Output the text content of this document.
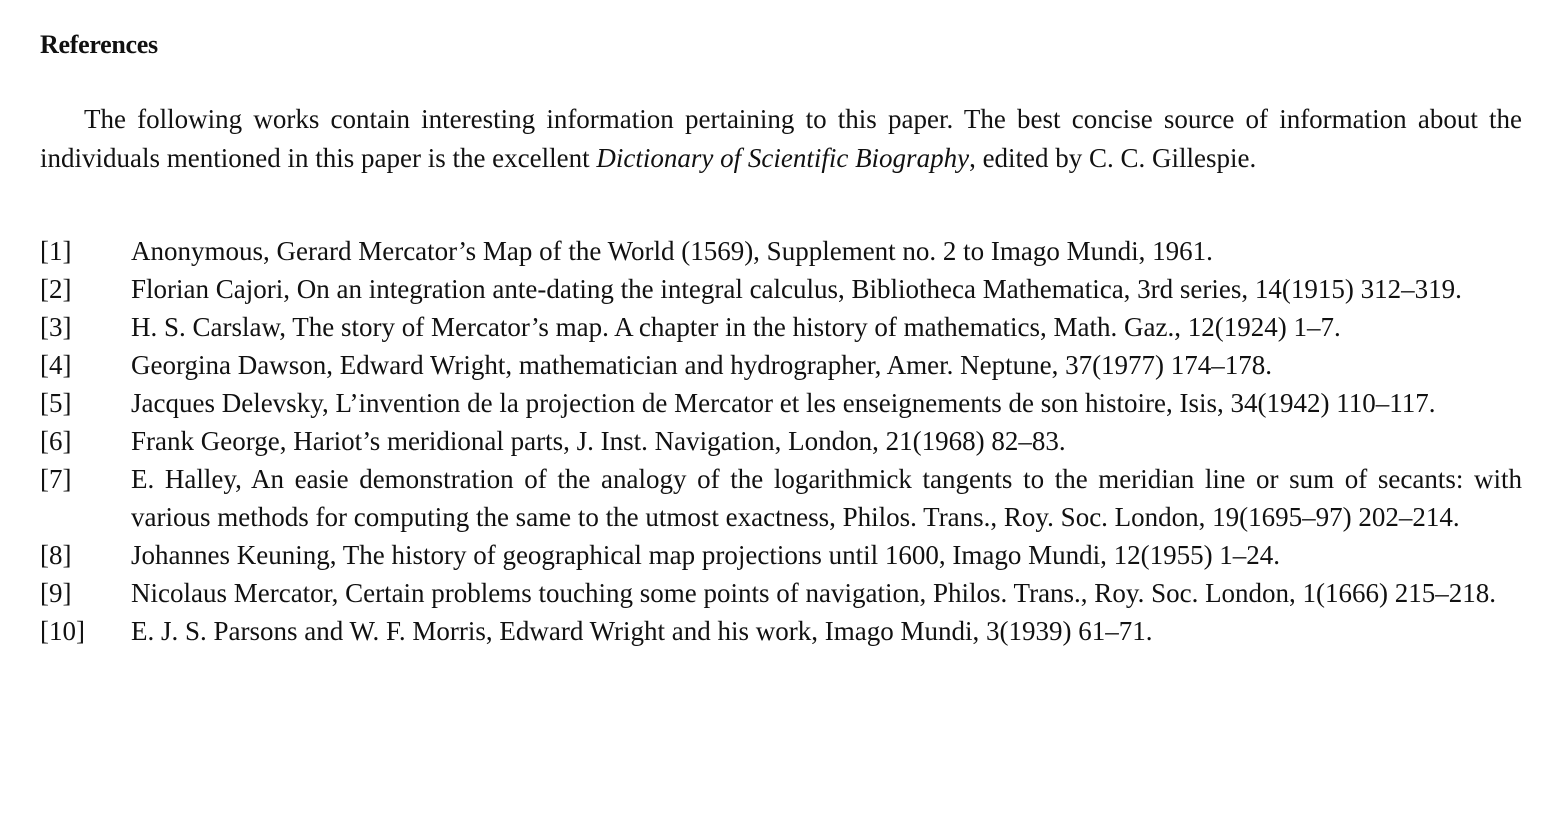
References

The following works contain interesting information pertaining to this paper. The best concise source of information about the individuals mentioned in this paper is the excellent Dictionary of Scientific Biography, edited by C. C. Gillespie.

[1]	Anonymous, Gerard Mercator’s Map of the World (1569), Supplement no. 2 to Imago Mundi, 1961.
[2]	Florian Cajori, On an integration ante-dating the integral calculus, Bibliotheca Mathematica, 3rd series, 14(1915) 312–319.
[3]	H. S. Carslaw, The story of Mercator’s map. A chapter in the history of mathematics, Math. Gaz., 12(1924) 1–7.
[4]	Georgina Dawson, Edward Wright, mathematician and hydrographer, Amer. Neptune, 37(1977) 174–178.
[5]	Jacques Delevsky, L’invention de la projection de Mercator et les enseignements de son histoire, Isis, 34(1942) 110–117.
[6]	Frank George, Hariot’s meridional parts, J. Inst. Navigation, London, 21(1968) 82–83.
[7]	E. Halley, An easie demonstration of the analogy of the logarithmick tangents to the meridian line or sum of secants: with various methods for computing the same to the utmost exactness, Philos. Trans., Roy. Soc. London, 19(1695–97) 202–214.
[8]	Johannes Keuning, The history of geographical map projections until 1600, Imago Mundi, 12(1955) 1–24.
[9]	Nicolaus Mercator, Certain problems touching some points of navigation, Philos. Trans., Roy. Soc. London, 1(1666) 215–218.
[10] E. J. S. Parsons and W. F. Morris, Edward Wright and his work, Imago Mundi, 3(1939) 61–71.
